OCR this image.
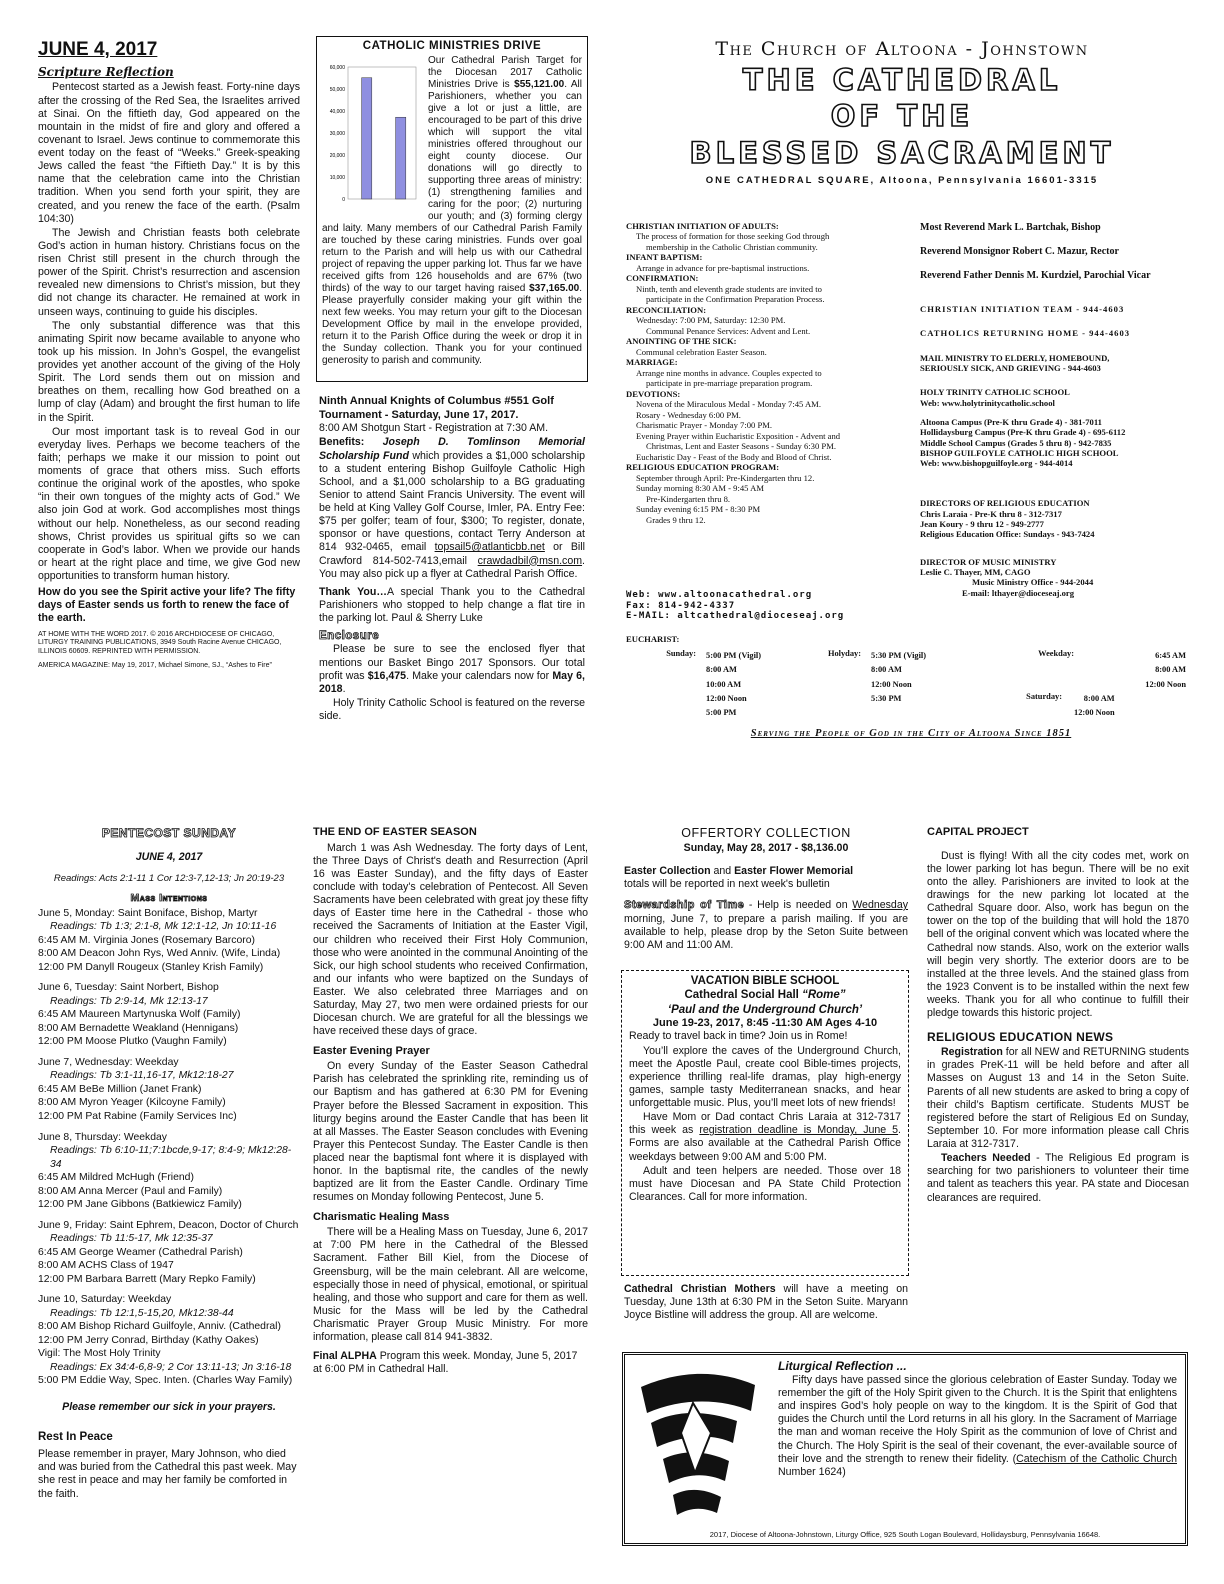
JUNE 4, 2017
Scripture Reflection

Pentecost started as a Jewish feast. Forty-nine days after the crossing of the Red Sea, the Israelites arrived at Sinai. On the fiftieth day, God appeared on the mountain in the midst of fire and glory and offered a covenant to Israel. Jews continue to commemorate this event today on the feast of “Weeks.” Greek-speaking Jews called the feast “the Fiftieth Day.” It is by this name that the celebration came into the Christian tradition. When you send forth your spirit, they are created, and you renew the face of the earth. (Psalm 104:30)

The Jewish and Christian feasts both celebrate God’s action in human history. Christians focus on the risen Christ still present in the church through the power of the Spirit. Christ’s resurrection and ascension revealed new dimensions to Christ’s mission, but they did not change its character. He remained at work in unseen ways, continuing to guide his disciples.

The only substantial difference was that this animating Spirit now became available to anyone who took up his mission. In John’s Gospel, the evangelist provides yet another account of the giving of the Holy Spirit. The Lord sends them out on mission and breathes on them, recalling how God breathed on a lump of clay (Adam) and brought the first human to life in the Spirit.

Our most important task is to reveal God in our everyday lives. Perhaps we become teachers of the faith; perhaps we make it our mission to point out moments of grace that others miss. Such efforts continue the original work of the apostles, who spoke “in their own tongues of the mighty acts of God.” We also join God at work. God accomplishes most things without our help. Nonetheless, as our second reading shows, Christ provides us spiritual gifts so we can cooperate in God’s labor. When we provide our hands or heart at the right place and time, we give God new opportunities to transform human history.

How do you see the Spirit active your life? The fifty days of Easter sends us forth to renew the face of the earth.

AT HOME WITH THE WORD 2017. © 2016 ARCHDIOCESE OF CHICAGO, LITURGY TRAINING PUBLICATIONS, 3949 South Racine Avenue CHICAGO, ILLINOIS 60609. REPRINTED WITH PERMISSION.
AMERICA MAGAZINE: May 19, 2017, Michael Simone, SJ., “Ashes to Fire”
CATHOLIC MINISTRIES DRIVE
0
10,000
20,000
30,000
40,000
50,000
60,000

Our Cathedral Parish Target for the Diocesan 2017 Catholic Ministries Drive is $55,121.00. All Parishioners, whether you can give a lot or just a little, are encouraged to be part of this drive which will support the vital ministries offered throughout our eight county diocese. Our donations will go directly to supporting three areas of ministry: (1) strengthening families and caring for the poor; (2) nurturing our youth; and (3) forming clergy and laity. Many members of our Cathedral Parish Family are touched by these caring ministries. Funds over goal return to the Parish and will help us with our Cathedral project of repaving the upper parking lot. Thus far we have received gifts from 126 households and are 67% (two thirds) of the way to our target having raised $37,165.00. Please prayerfully consider making your gift within the next few weeks. You may return your gift to the Diocesan Development Office by mail in the envelope provided, return it to the Parish Office during the week or drop it in the Sunday collection. Thank you for your continued generosity to parish and community.

Ninth Annual Knights of Columbus #551 Golf Tournament - Saturday, June 17, 2017.

8:00 AM Shotgun Start - Registration at 7:30 AM.

Benefits: Joseph D. Tomlinson Memorial Scholarship Fund which provides a $1,000 scholarship to a student entering Bishop Guilfoyle Catholic High School, and a $1,000 scholarship to a BG graduating Senior to attend Saint Francis University. The event will be held at King Valley Golf Course, Imler, PA. Entry Fee: $75 per golfer; team of four, $300; To register, donate, sponsor or have questions, contact Terry Anderson at 814 932-0465, email topsail5@atlanticbb.net or Bill Crawford 814-502-7413,email crawdadbil@msn.com. You may also pick up a flyer at Cathedral Parish Office.

Thank You…A special Thank you to the Cathedral Parishioners who stopped to help change a flat tire in the parking lot. Paul & Sherry Luke

Enclosure

Please be sure to see the enclosed flyer that mentions our Basket Bingo 2017 Sponsors. Our total profit was $16,475. Make your calendars now for May 6, 2018.

Holy Trinity Catholic School is featured on the reverse side.

The Church of Altoona - Johnstown
THE CATHEDRAL
OF THE
BLESSED SACRAMENT
ONE CATHEDRAL SQUARE, Altoona, Pennsylvania 16601-3315
CHRISTIAN INITIATION OF ADULTS:
The process of formation for those seeking God through
membership in the Catholic Christian community.
INFANT BAPTISM:
Arrange in advance for pre-baptismal instructions.
CONFIRMATION:
Ninth, tenth and eleventh grade students are invited to
participate in the Confirmation Preparation Process.
RECONCILIATION:
Wednesday: 7:00 PM, Saturday: 12:30 PM.
Communal Penance Services: Advent and Lent.
ANOINTING OF THE SICK:
Communal celebration Easter Season.
MARRIAGE:
Arrange nine months in advance. Couples expected to
participate in pre-marriage preparation program.
DEVOTIONS:
Novena of the Miraculous Medal - Monday 7:45 AM.
Rosary - Wednesday 6:00 PM.
Charismatic Prayer - Monday 7:00 PM.
Evening Prayer within Eucharistic Exposition - Advent and
Christmas, Lent and Easter Seasons - Sunday 6:30 PM.
Eucharistic Day - Feast of the Body and Blood of Christ.
RELIGIOUS EDUCATION PROGRAM:
September through April: Pre-Kindergarten thru 12.
Sunday morning 8:30 AM - 9:45 AM
Pre-Kindergarten thru 8.
Sunday evening 6:15 PM - 8:30 PM
Grades 9 thru 12.
Web: www.altoonacathedral.org
Fax: 814-942-4337
E-MAIL: altcathedral@dioceseaj.org
Most Reverend Mark L. Bartchak, Bishop
Reverend Monsignor Robert C. Mazur, Rector
Reverend Father Dennis M. Kurdziel, Parochial Vicar
CHRISTIAN INITIATION TEAM - 944-4603
CATHOLICS RETURNING HOME - 944-4603
MAIL MINISTRY TO ELDERLY, HOMEBOUND,
SERIOUSLY SICK, AND GRIEVING - 944-4603
HOLY TRINITY CATHOLIC SCHOOL
Web: www.holytrinitycatholic.school
Altoona Campus (Pre-K thru Grade 4) - 381-7011
Hollidaysburg Campus (Pre-K thru Grade 4) - 695-6112
Middle School Campus (Grades 5 thru 8) - 942-7835
BISHOP GUILFOYLE CATHOLIC HIGH SCHOOL
Web: www.bishopguilfoyle.org - 944-4014
DIRECTORS OF RELIGIOUS EDUCATION
Chris Laraia - Pre-K thru 8 - 312-7317
Jean Koury - 9 thru 12 - 949-2777
Religious Education Office: Sundays - 943-7424
DIRECTOR OF MUSIC MINISTRY
Leslie C. Thayer, MM, CAGO
Music Ministry Office - 944-2044
E-mail: lthayer@dioceseaj.org
EUCHARIST:
Sunday:	5:00 PM (Vigil)
8:00 AM
10:00 AM
12:00 Noon
5:00 PM
	Holyday:	5:30 PM (Vigil)
8:00 AM
12:00 Noon
5:30 PM
	Weekday:	6:45 AM
8:00 AM
12:00 Noon
Saturday:	8:00 AM
12:00 Noon
Serving the People of God in the City of Altoona Since 1851
PENTECOST SUNDAY
JUNE 4, 2017
Readings: Acts 2:1-11 1 Cor 12:3-7,12-13; Jn 20:19-23
Mass Intentions
June 5, Monday: Saint Boniface, Bishop, Martyr
Readings: Tb 1:3; 2:1-8, Mk 12:1-12, Jn 10:11-16
6:45 AM M. Virginia Jones (Rosemary Barcoro)
8:00 AM Deacon John Rys, Wed Anniv. (Wife, Linda)
12:00 PM Danyll Rougeux (Stanley Krish Family)
June 6, Tuesday: Saint Norbert, Bishop
Readings: Tb 2:9-14, Mk 12:13-17
6:45 AM Maureen Martynuska Wolf (Family)
8:00 AM Bernadette Weakland (Hennigans)
12:00 PM Moose Plutko (Vaughn Family)
June 7, Wednesday: Weekday
Readings: Tb 3:1-11,16-17, Mk12:18-27
6:45 AM BeBe Million (Janet Frank)
8:00 AM Myron Yeager (Kilcoyne Family)
12:00 PM Pat Rabine (Family Services Inc)
June 8, Thursday: Weekday
Readings: Tb 6:10-11;7:1bcde,9-17; 8:4-9; Mk12:28-34
6:45 AM Mildred McHugh (Friend)
8:00 AM Anna Mercer (Paul and Family)
12:00 PM Jane Gibbons (Batkiewicz Family)
June 9, Friday: Saint Ephrem, Deacon, Doctor of Church
Readings: Tb 11:5-17, Mk 12:35-37
6:45 AM George Weamer (Cathedral Parish)
8:00 AM ACHS Class of 1947
12:00 PM Barbara Barrett (Mary Repko Family)
June 10, Saturday: Weekday
Readings: Tb 12:1,5-15,20, Mk12:38-44
8:00 AM Bishop Richard Guilfoyle, Anniv. (Cathedral)
12:00 PM Jerry Conrad, Birthday (Kathy Oakes)
Vigil: The Most Holy Trinity
Readings: Ex 34:4-6,8-9; 2 Cor 13:11-13; Jn 3:16-18
5:00 PM Eddie Way, Spec. Inten. (Charles Way Family)
Please remember our sick in your prayers.
Rest In Peace

Please remember in prayer, Mary Johnson, who died and was buried from the Cathedral this past week. May she rest in peace and may her family be comforted in the faith.

THE END OF EASTER SEASON

March 1 was Ash Wednesday. The forty days of Lent, the Three Days of Christ's death and Resurrection (April 16 was Easter Sunday), and the fifty days of Easter conclude with today's celebration of Pentecost. All Seven Sacraments have been celebrated with great joy these fifty days of Easter time here in the Cathedral - those who received the Sacraments of Initiation at the Easter Vigil, our children who received their First Holy Communion, those who were anointed in the communal Anointing of the Sick, our high school students who received Confirmation, and our infants who were baptized on the Sundays of Easter. We also celebrated three Marriages and on Saturday, May 27, two men were ordained priests for our Diocesan church. We are grateful for all the blessings we have received these days of grace.

Easter Evening Prayer

On every Sunday of the Easter Season Cathedral Parish has celebrated the sprinkling rite, reminding us of our Baptism and has gathered at 6:30 PM for Evening Prayer before the Blessed Sacrament in exposition. This liturgy begins around the Easter Candle that has been lit at all Masses. The Easter Season concludes with Evening Prayer this Pentecost Sunday. The Easter Candle is then placed near the baptismal font where it is displayed with honor. In the baptismal rite, the candles of the newly baptized are lit from the Easter Candle. Ordinary Time resumes on Monday following Pentecost, June 5.

Charismatic Healing Mass

There will be a Healing Mass on Tuesday, June 6, 2017 at 7:00 PM here in the Cathedral of the Blessed Sacrament. Father Bill Kiel, from the Diocese of Greensburg, will be the main celebrant. All are welcome, especially those in need of physical, emotional, or spiritual healing, and those who support and care for them as well. Music for the Mass will be led by the Cathedral Charismatic Prayer Group Music Ministry. For more information, please call 814 941-3832.

Final ALPHA Program this week. Monday, June 5, 2017 at 6:00 PM in Cathedral Hall.

OFFERTORY COLLECTION
Sunday, May 28, 2017 - $8,136.00
Easter Collection and Easter Flower Memorial
totals will be reported in next week's bulletin

Stewardship of Time - Help is needed on Wednesday morning, June 7, to prepare a parish mailing. If you are available to help, please drop by the Seton Suite between 9:00 AM and 11:00 AM.

VACATION BIBLE SCHOOL
Cathedral Social Hall “Rome”
‘Paul and the Underground Church’
June 19-23, 2017, 8:45 -11:30 AM Ages 4-10

Ready to travel back in time? Join us in Rome!

You’ll explore the caves of the Underground Church, meet the Apostle Paul, create cool Bible-times projects, experience thrilling real-life dramas, play high-energy games, sample tasty Mediterranean snacks, and hear unforgettable music. Plus, you’ll meet lots of new friends!

Have Mom or Dad contact Chris Laraia at 312-7317 this week as registration deadline is Monday, June 5. Forms are also available at the Cathedral Parish Office weekdays between 9:00 AM and 5:00 PM.

Adult and teen helpers are needed. Those over 18 must have Diocesan and PA State Child Protection Clearances. Call for more information.

Cathedral Christian Mothers will have a meeting on Tuesday, June 13th at 6:30 PM in the Seton Suite. Maryann Joyce Bistline will address the group. All are welcome.

CAPITAL PROJECT

Dust is flying! With all the city codes met, work on the lower parking lot has begun. There will be no exit onto the alley. Parishioners are invited to look at the drawings for the new parking lot located at the Cathedral Square door. Also, work has begun on the tower on the top of the building that will hold the 1870 bell of the original convent which was located where the Cathedral now stands. Also, work on the exterior walls will begin very shortly. The exterior doors are to be installed at the three levels. And the stained glass from the 1923 Convent is to be installed within the next few weeks. Thank you for all who continue to fulfill their pledge towards this historic project.

RELIGIOUS EDUCATION NEWS

Registration for all NEW and RETURNING students in grades PreK-11 will be held before and after all Masses on August 13 and 14 in the Seton Suite. Parents of all new students are asked to bring a copy of their child’s Baptism certificate. Students MUST be registered before the start of Religious Ed on Sunday, September 10. For more information please call Chris Laraia at 312-7317.

Teachers Needed - The Religious Ed program is searching for two parishioners to volunteer their time and talent as teachers this year. PA state and Diocesan clearances are required.

Liturgical Reflection ...

Fifty days have passed since the glorious celebration of Easter Sunday. Today we remember the gift of the Holy Spirit given to the Church. It is the Spirit that enlightens and inspires God’s holy people on way to the kingdom. It is the Spirit of God that guides the Church until the Lord returns in all his glory. In the Sacrament of Marriage the man and woman receive the Holy Spirit as the communion of love of Christ and the Church. The Holy Spirit is the seal of their covenant, the ever-available source of their love and the strength to renew their fidelity. (Catechism of the Catholic Church Number 1624)

2017, Diocese of Altoona-Johnstown, Liturgy Office, 925 South Logan Boulevard, Hollidaysburg, Pennsylvania 16648.
